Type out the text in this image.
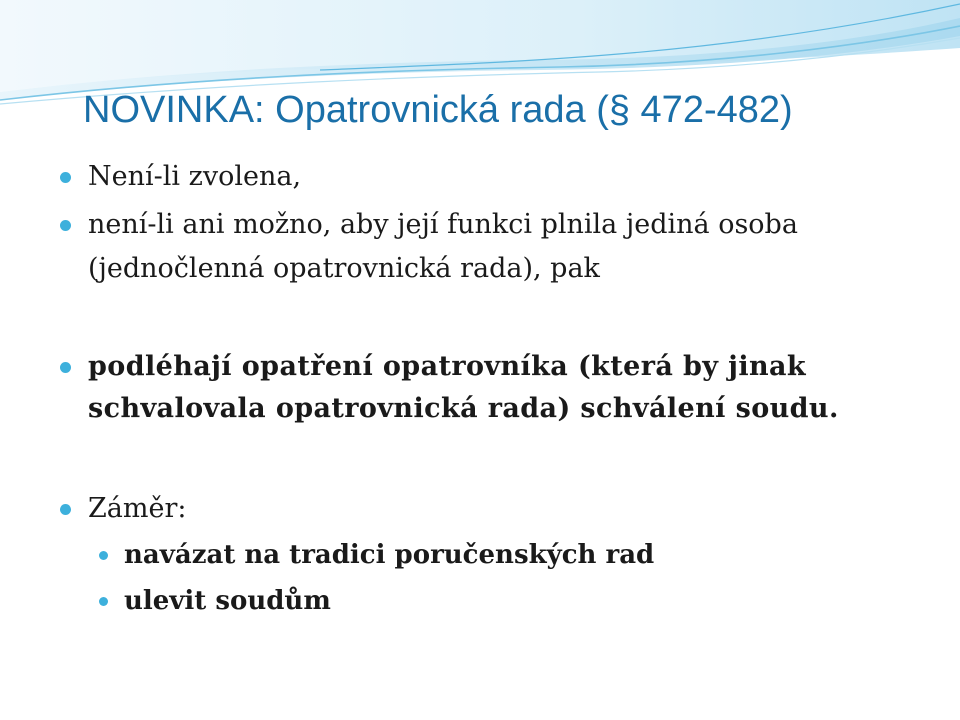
NOVINKA: Opatrovnická rada (§ 472-482)
Není-li zvolena,
není-li ani možno, aby její funkci plnila jediná osoba
(jednočlenná opatrovnická rada), pak
podléhají opatření opatrovníka (která by jinak
schvalovala opatrovnická rada) schválení soudu.
Záměr:
navázat na tradici poručenských rad
ulevit soudům
